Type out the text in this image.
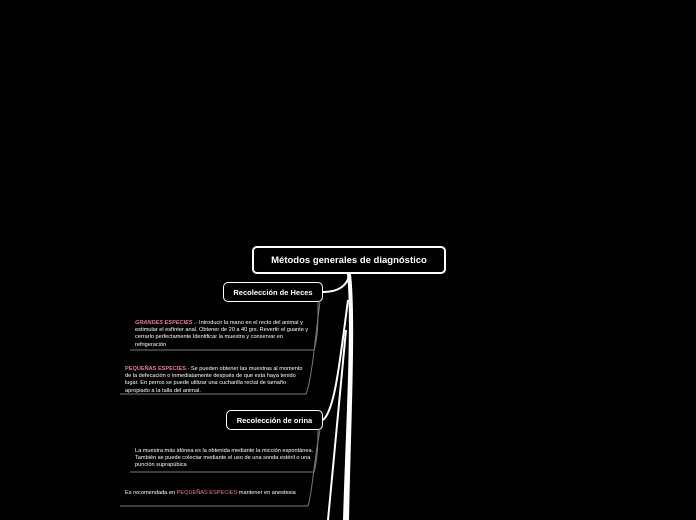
Métodos generales de diagnóstico
Recolección de Heces
GRANDES ESPECIES .- Introducir la mano en el recto del animal y estimular el esfínter anal. Obtener de 20 a 40 grs. Revertir el guante y cerrarlo perfectamente Identificar la muestra y conservar en refrigeración
PEQUEÑAS ESPECIES.- Se pueden obtener las muestras al momento de la defecación o inmediatamente después de que esta haya tenido lugar. En perros se puede utilizar una cucharilla rectal de tamaño apropiado a la talla del animal.
Recolección de orina
La muestra más idónea es la obtenida mediante la micción espontánea. También se puede colectar mediante el uso de una sonda estéril o una punción suprapúbica
Es recomendada en PEQUEÑAS ESPECIES mantener en anestesia
